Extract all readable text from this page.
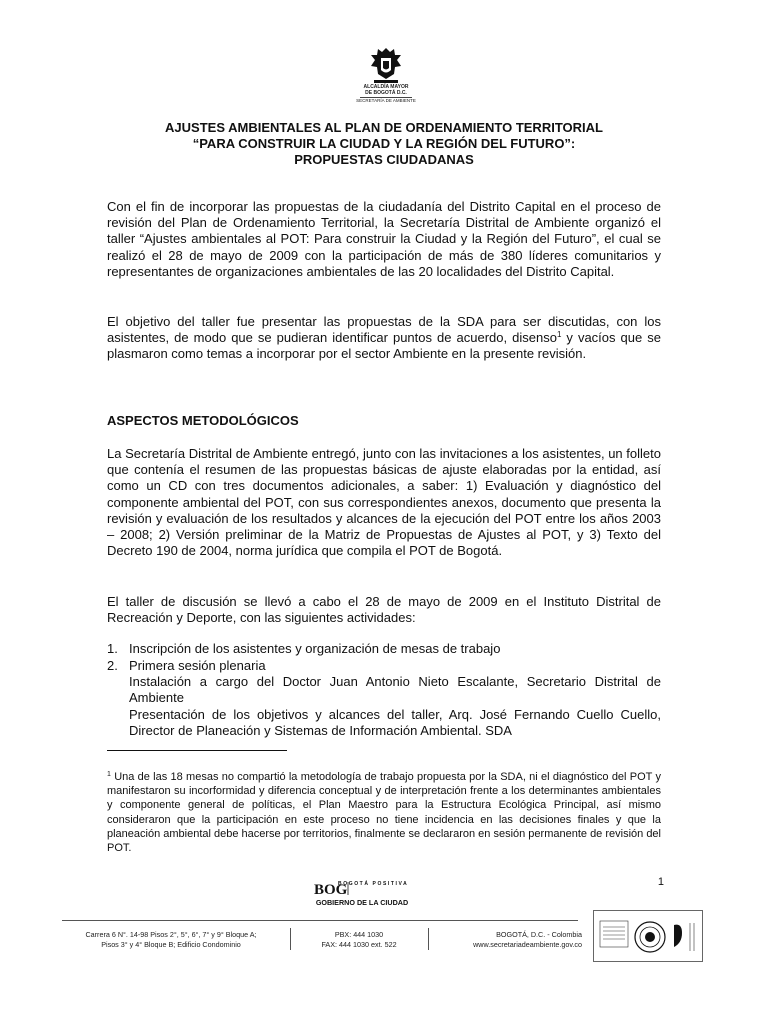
ALCALDÍA MAYOR
DE BOGOTÁ D.C.
SECRETARÍA DE AMBIENTE
AJUSTES AMBIENTALES AL PLAN DE ORDENAMIENTO TERRITORIAL
“PARA CONSTRUIR LA CIUDAD Y LA REGIÓN DEL FUTURO”:
PROPUESTAS CIUDADANAS
Con el fin de incorporar las propuestas de la ciudadanía del Distrito Capital en el proceso de revisión del Plan de Ordenamiento Territorial, la Secretaría Distrital de Ambiente organizó el taller “Ajustes ambientales al POT: Para construir la Ciudad y la Región del Futuro”, el cual se realizó el 28 de mayo de 2009 con la participación de más de 380 líderes comunitarios y representantes de organizaciones ambientales de las 20 localidades del Distrito Capital.
El objetivo del taller fue presentar las propuestas de la SDA para ser discutidas, con los asistentes, de modo que se pudieran identificar puntos de acuerdo, disenso$^1$ y vacíos que se plasmaron como temas a incorporar por el sector Ambiente en la presente revisión.
ASPECTOS METODOLÓGICOS
La Secretaría Distrital de Ambiente entregó, junto con las invitaciones a los asistentes, un folleto que contenía el resumen de las propuestas básicas de ajuste elaboradas por la entidad, así como un CD con tres documentos adicionales, a saber: 1) Evaluación y diagnóstico del componente ambiental del POT, con sus correspondientes anexos, documento que presenta la revisión y evaluación de los resultados y alcances de la ejecución del POT entre los años 2003 – 2008; 2) Versión preliminar de la Matriz de Propuestas de Ajustes al POT, y 3) Texto del Decreto 190 de 2004, norma jurídica que compila el POT de Bogotá.
El taller de discusión se llevó a cabo el 28 de mayo de 2009 en el Instituto Distrital de Recreación y Deporte, con las siguientes actividades:
1. Inscripción de los asistentes y organización de mesas de trabajo
2. Primera sesión plenaria
Instalación a cargo del Doctor Juan Antonio Nieto Escalante, Secretario Distrital de Ambiente
Presentación de los objetivos y alcances del taller, Arq. José Fernando Cuello Cuello, Director de Planeación y Sistemas de Información Ambiental. SDA
$^1$ Una de las 18 mesas no compartió la metodología de trabajo propuesta por la SDA, ni el diagnóstico del POT y manifestaron su incorformidad y diferencia conceptual y de interpretación frente a los determinantes ambientales y componente general de políticas, el Plan Maestro para la Estructura Ecológica Principal, así mismo consideraron que la participación en este proceso no tiene incidencia en las decisiones finales y que la planeación ambiental debe hacerse por territorios, finalmente se declararon en sesión permanente de revisión del POT.
1
BOG
BOGOTÁ POSITIVA
GOBIERNO DE LA CIUDAD
Carrera 6 N°. 14-98 Pisos 2°, 5°, 6°, 7° y 9° Bloque A;
Pisos 3° y 4° Bloque B; Edificio Condominio
PBX: 444 1030
FAX: 444 1030 ext. 522
BOGOTÁ, D.C. - Colombia
www.secretariadeambiente.gov.co
